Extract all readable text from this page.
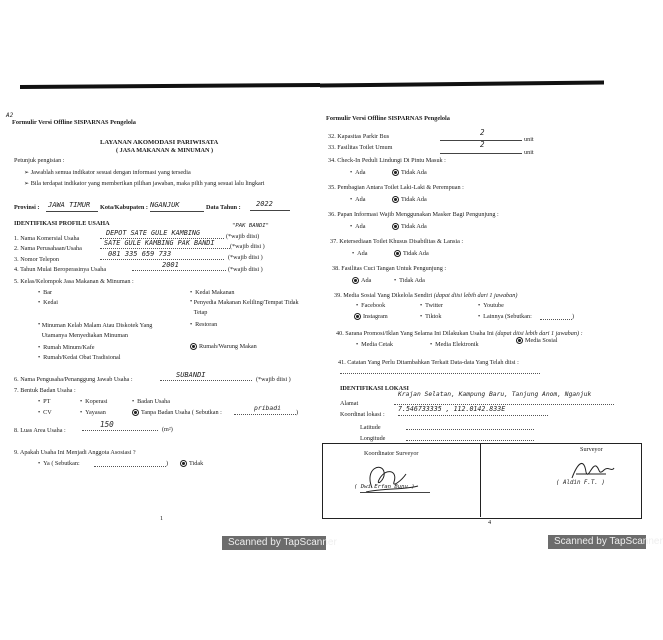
A2
Formulir Versi Offline SISPARNAS Pengelola
LAYANAN AKOMODASI PARIWISATA
( JASA MAKANAN & MINUMAN )
Petunjuk pengisian :
➢ Jawablah semua indikator sesuai dengan informasi yang tersedia
➢ Bila terdapat indikator yang memberikan pilihan jawaban, maka pilih yang sesuai lalu lingkari
Provinsi : JAWA TIMUR Kota/Kabupaten : NGANJUK	Data Tahun : 2022
IDENTIFIKASI PROFILE USAHA
1. Nama Komersial Usaha
DEPOT SATE GULE KAMBING
"PAK BANDI"
(*wajib diisi)
2. Nama Perusahaan/Usaha
SATE GULE KAMBING PAK BANDI	(*wajib diisi )
3. Nomor Telepon
081 335 659 733	(*wajib diisi )
4. Tahun Mulai Beroperasinya Usaha
2001
(*wajib diisi )
5. Kelas/Kelompok Jasa Makanan & Minuman :
• Bar
• Kedai
• Minuman Kelab Malam Atau Diskotek Yang Utamanya Menyediakan Minuman
• Rumah Minum/Kafe
• Rumah/Kedai Obat Tradisional
• Kedai Makanan
• Penyedia Makanan Keliling/Tempat Tidak Tetap
• Restoran
Rumah/Warung Makan
6. Nama Pengusaha/Penanggung Jawab Usaha :
SUBANDI
(*wajib diisi )
7. Bentuk Badan Usaha :
• PT	• Koperasi	• Badan Usaha
• CV	• Yayasan	Tanpa Badan Usaha ( Sebutkan :
pribadi
)
8. Luas Area Usaha :
150
(m²)
9. Apakah Usaha Ini Menjadi Anggota Asosiasi ?
• Ya ( Sebutkan:	)	Tidak
1
Scanned by TapScanner
Formulir Versi Offline SISPARNAS Pengelola
32. Kapasitas Parkir Bus	2
unit
33. Fasilitas Toilet Umum	2
unit
34. Check-In Peduli Lindungi Di Pintu Masuk :
• Ada	Tidak Ada
35. Pembagian Antara Toilet Laki-Laki & Perempuan :
• Ada	Tidak Ada
36. Papan Informasi Wajib Menggunakan Masker Bagi Pengunjung :
• Ada	Tidak Ada
37. Ketersediaan Toilet Khusus Disabilitas & Lansia :
• Ada	Tidak Ada
38. Fasilitas Cuci Tangan Untuk Pengunjung :
Ada	• Tidak Ada
39. Media Sosial Yang Dikelola Sendiri (dapat diisi lebih dari 1 jawaban)
• Facebook	• Twitter	• Youtube
Instagram	• Tiktok	• Lainnya (Sebutkan:	)
40. Sarana Promosi/Iklan Yang Selama Ini Dilakukan Usaha Ini (dapat diisi lebih dari 1 jawaban) :
• Media Cetak	• Media Elektronik
Media Sosial
41. Catatan Yang Perlu Ditambahkan Terkait Data-data Yang Telah diisi :
IDENTIFIKASI LOKASI
Alamat
Krajan Selatan, Kampung Baru, Tanjung Anom, Nganjuk
Koordinat lokasi :
7.546733335 , 112.0142.833E
Latitude
Longitude
Koordinator Surveyor
Surveyor
( Dwi Erfan Bunu )
( Aldin F.T. )
4
Scanned by TapScanner
